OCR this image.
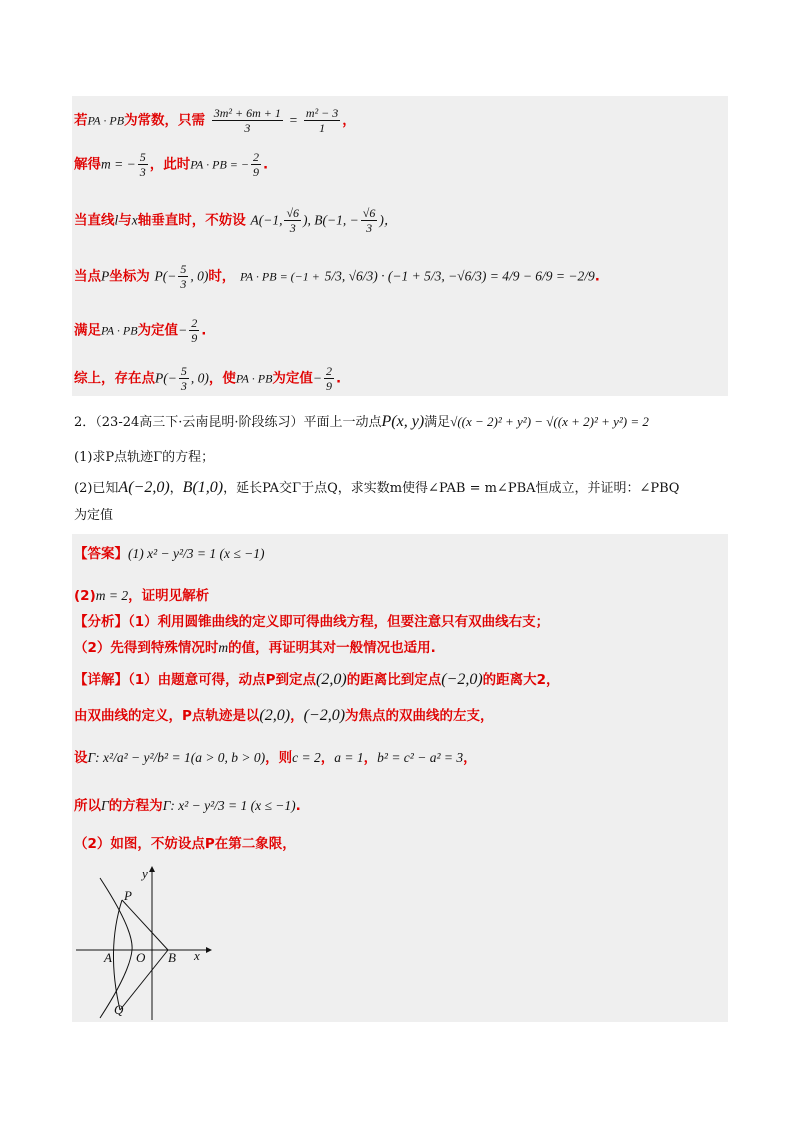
若PA · PB为常数，只需 $\frac{\text{3m² + 6m + 1}}{3} = \frac{\text{m² − 3}}{1}$ ，
解得m = − $\frac{5}{3}$ ，此时PA · PB = − $\frac{2}{9}$ .
当直线l与x轴垂直时，不妨设 A(−1, $\frac{√6}{3}$ ), B(−1, − $\frac{√6}{3}$ )，
当点P坐标为 $P(- \frac{5}{3}$ , 0)时， PA · PB = (−1 + 5/3, √6/3) · (−1 + 5/3, −√6/3) = 4/9 − 6/9 = −2/9.
满足PA · PB为定值− $\frac{2}{9}$ .
综上，存在点$P(- \frac{5}{3}$ , 0)，使PA · PB为定值− $\frac{2}{9}$ .
2．（23-24高三下·云南昆明·阶段练习）平面上一动点P(x, y)满足√((x − 2)² + y²) − √((x + 2)² + y²) = 2
(1)求P点轨迹Γ的方程；
(2)已知A(−2,0)，B(1,0)，延长PA交Γ于点Q，求实数m使得∠PAB = m∠PBA恒成立，并证明：∠PBQ
为定值
【答案】(1) x² − y²/3 = 1 (x ≤ −1)
(2)m = 2，证明见解析
【分析】（1）利用圆锥曲线的定义即可得曲线方程，但要注意只有双曲线右支；
（2）先得到特殊情况时m的值，再证明其对一般情况也适用.
【详解】（1）由题意可得，动点P到定点(2,0)的距离比到定点(−2,0)的距离大2，
由双曲线的定义，P点轨迹是以(2,0)，(−2,0)为焦点的双曲线的左支，
设Γ: x²/a² − y²/b² = 1(a > 0, b > 0)，则c = 2，a = 1，b² = c² − a² = 3，
所以Γ的方程为Γ: x² − y²/3 = 1 (x ≤ −1).
（2）如图，不妨设点P在第二象限，
y
x
P
A O B
Q
